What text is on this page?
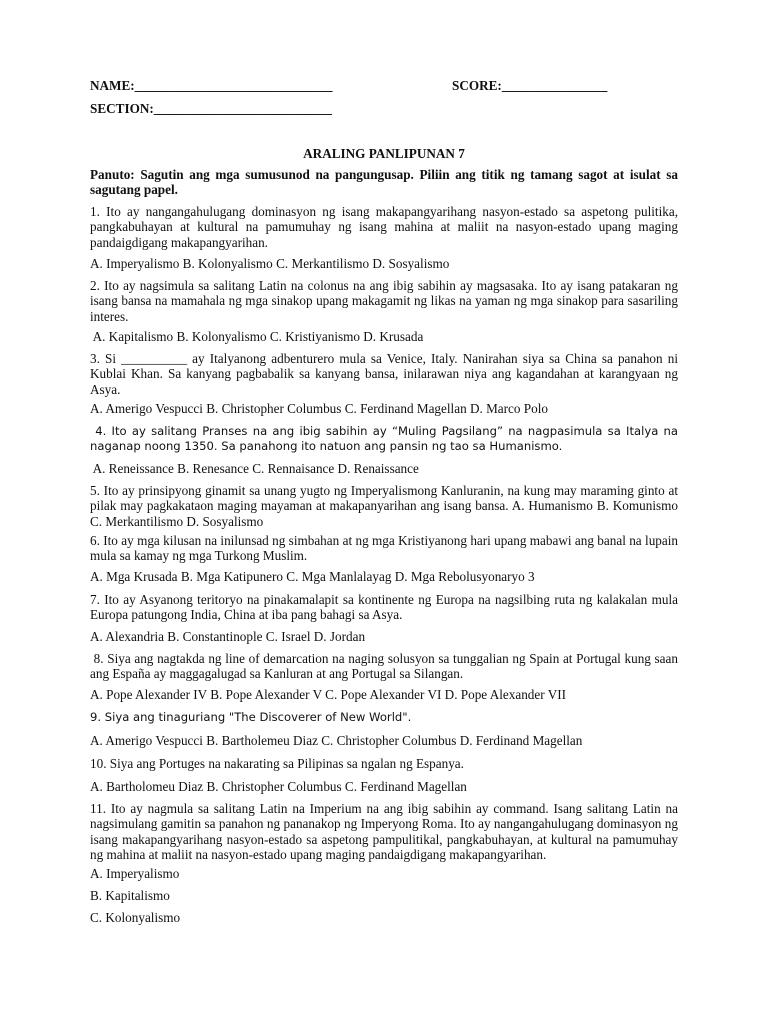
NAME:______________________________	SCORE:________________
SECTION:___________________________
ARALING PANLIPUNAN 7
Panuto: Sagutin ang mga sumusunod na pangungusap. Piliin ang titik ng tamang sagot at isulat sa sagutang papel.
1. Ito ay nangangahulugang dominasyon ng isang makapangyarihang nasyon-estado sa aspetong pulitika, pangkabuhayan at kultural na pamumuhay ng isang mahina at maliit na nasyon-estado upang maging pandaigdigang makapangyarihan.
A. Imperyalismo B. Kolonyalismo C. Merkantilismo D. Sosyalismo
2. Ito ay nagsimula sa salitang Latin na colonus na ang ibig sabihin ay magsasaka. Ito ay isang patakaran ng isang bansa na mamahala ng mga sinakop upang makagamit ng likas na yaman ng mga sinakop para sasariling interes.
A. Kapitalismo B. Kolonyalismo C. Kristiyanismo D. Krusada
3. Si __________ ay Italyanong adbenturero mula sa Venice, Italy. Nanirahan siya sa China sa panahon ni Kublai Khan. Sa kanyang pagbabalik sa kanyang bansa, inilarawan niya ang kagandahan at karangyaan ng Asya.
A. Amerigo Vespucci B. Christopher Columbus C. Ferdinand Magellan D. Marco Polo
4. Ito ay salitang Pranses na ang ibig sabihin ay “Muling Pagsilang” na nagpasimula sa Italya na naganap noong 1350. Sa panahong ito natuon ang pansin ng tao sa Humanismo.
A. Reneissance B. Renesance C. Rennaisance D. Renaissance
5. Ito ay prinsipyong ginamit sa unang yugto ng Imperyalismong Kanluranin, na kung may maraming ginto at pilak may pagkakataon maging mayaman at makapanyarihan ang isang bansa. A. Humanismo B. Komunismo C. Merkantilismo D. Sosyalismo
6. Ito ay mga kilusan na inilunsad ng simbahan at ng mga Kristiyanong hari upang mabawi ang banal na lupain mula sa kamay ng mga Turkong Muslim.
A. Mga Krusada B. Mga Katipunero C. Mga Manlalayag D. Mga Rebolusyonaryo 3
7. Ito ay Asyanong teritoryo na pinakamalapit sa kontinente ng Europa na nagsilbing ruta ng kalakalan mula Europa patungong India, China at iba pang bahagi sa Asya.
A. Alexandria B. Constantinople C. Israel D. Jordan
8. Siya ang nagtakda ng line of demarcation na naging solusyon sa tunggalian ng Spain at Portugal kung saan ang España ay maggagalugad sa Kanluran at ang Portugal sa Silangan.
A. Pope Alexander IV B. Pope Alexander V C. Pope Alexander VI D. Pope Alexander VII
9. Siya ang tinaguriang "The Discoverer of New World".
A. Amerigo Vespucci B. Bartholemeu Diaz C. Christopher Columbus D. Ferdinand Magellan
10. Siya ang Portuges na nakarating sa Pilipinas sa ngalan ng Espanya.
A. Bartholomeu Diaz B. Christopher Columbus C. Ferdinand Magellan
11. Ito ay nagmula sa salitang Latin na Imperium na ang ibig sabihin ay command. Isang salitang Latin na nagsimulang gamitin sa panahon ng pananakop ng Imperyong Roma. Ito ay nangangahulugang dominasyon ng isang makapangyarihang nasyon-estado sa aspetong pampulitikal, pangkabuhayan, at kultural na pamumuhay ng mahina at maliit na nasyon-estado upang maging pandaigdigang makapangyarihan.
A. Imperyalismo
B. Kapitalismo
C. Kolonyalismo
